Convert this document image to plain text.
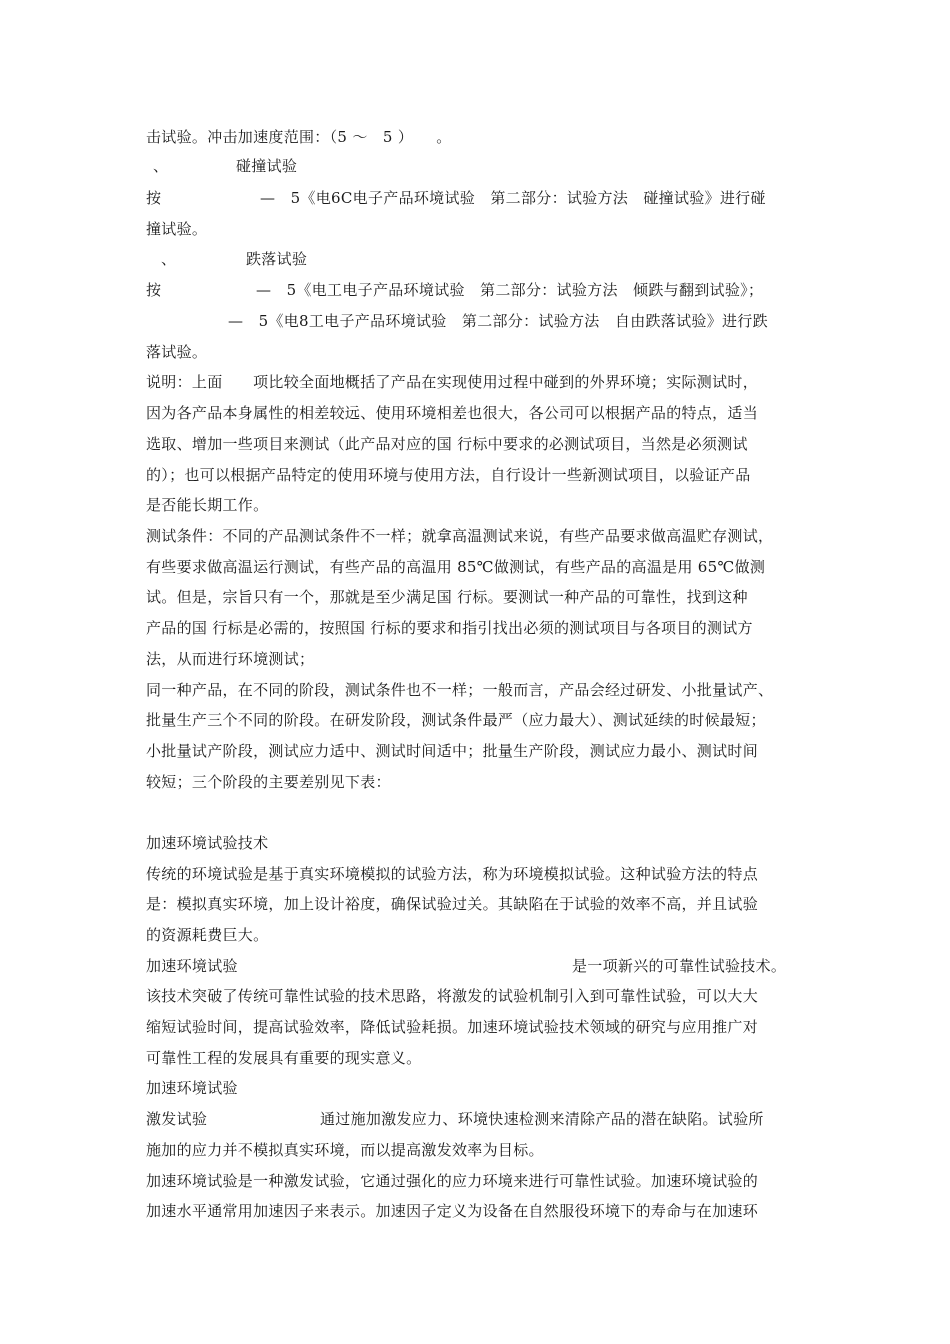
击试验。冲击加速度范围：（5 ～　5 ）　　。
、	碰撞试验
按	—　5《电6C电子产品环境试验　第二部分：试验方法　碰撞试验》进行碰
撞试验。
、	跌落试验
按	—　5《电工电子产品环境试验　第二部分：试验方法　倾跌与翻到试验》；
—　5《电8工电子产品环境试验　第二部分：试验方法　自由跌落试验》进行跌
落试验。
说明：上面　　项比较全面地概括了产品在实现使用过程中碰到的外界环境；实际测试时，
因为各产品本身属性的相差较远、使用环境相差也很大，各公司可以根据产品的特点，适当
选取、增加一些项目来测试（此产品对应的国 行标中要求的必测试项目，当然是必须测试
的）；也可以根据产品特定的使用环境与使用方法，自行设计一些新测试项目，以验证产品
是否能长期工作。
测试条件：不同的产品测试条件不一样；就拿高温测试来说，有些产品要求做高温贮存测试，
有些要求做高温运行测试，有些产品的高温用 85℃做测试，有些产品的高温是用 65℃做测
试。但是，宗旨只有一个，那就是至少满足国 行标。要测试一种产品的可靠性，找到这种
产品的国 行标是必需的，按照国 行标的要求和指引找出必须的测试项目与各项目的测试方
法，从而进行环境测试；
同一种产品，在不同的阶段，测试条件也不一样；一般而言，产品会经过研发、小批量试产、
批量生产三个不同的阶段。在研发阶段，测试条件最严（应力最大）、测试延续的时候最短；
小批量试产阶段，测试应力适中、测试时间适中；批量生产阶段，测试应力最小、测试时间
较短；三个阶段的主要差别见下表：
加速环境试验技术
传统的环境试验是基于真实环境模拟的试验方法，称为环境模拟试验。这种试验方法的特点
是：模拟真实环境，加上设计裕度，确保试验过关。其缺陷在于试验的效率不高，并且试验
的资源耗费巨大。
加速环境试验	是一项新兴的可靠性试验技术。
该技术突破了传统可靠性试验的技术思路，将激发的试验机制引入到可靠性试验，可以大大
缩短试验时间，提高试验效率，降低试验耗损。加速环境试验技术领域的研究与应用推广对
可靠性工程的发展具有重要的现实意义。
加速环境试验
激发试验	通过施加激发应力、环境快速检测来清除产品的潜在缺陷。试验所
施加的应力并不模拟真实环境，而以提高激发效率为目标。
加速环境试验是一种激发试验，它通过强化的应力环境来进行可靠性试验。加速环境试验的
加速水平通常用加速因子来表示。加速因子定义为设备在自然服役环境下的寿命与在加速环
